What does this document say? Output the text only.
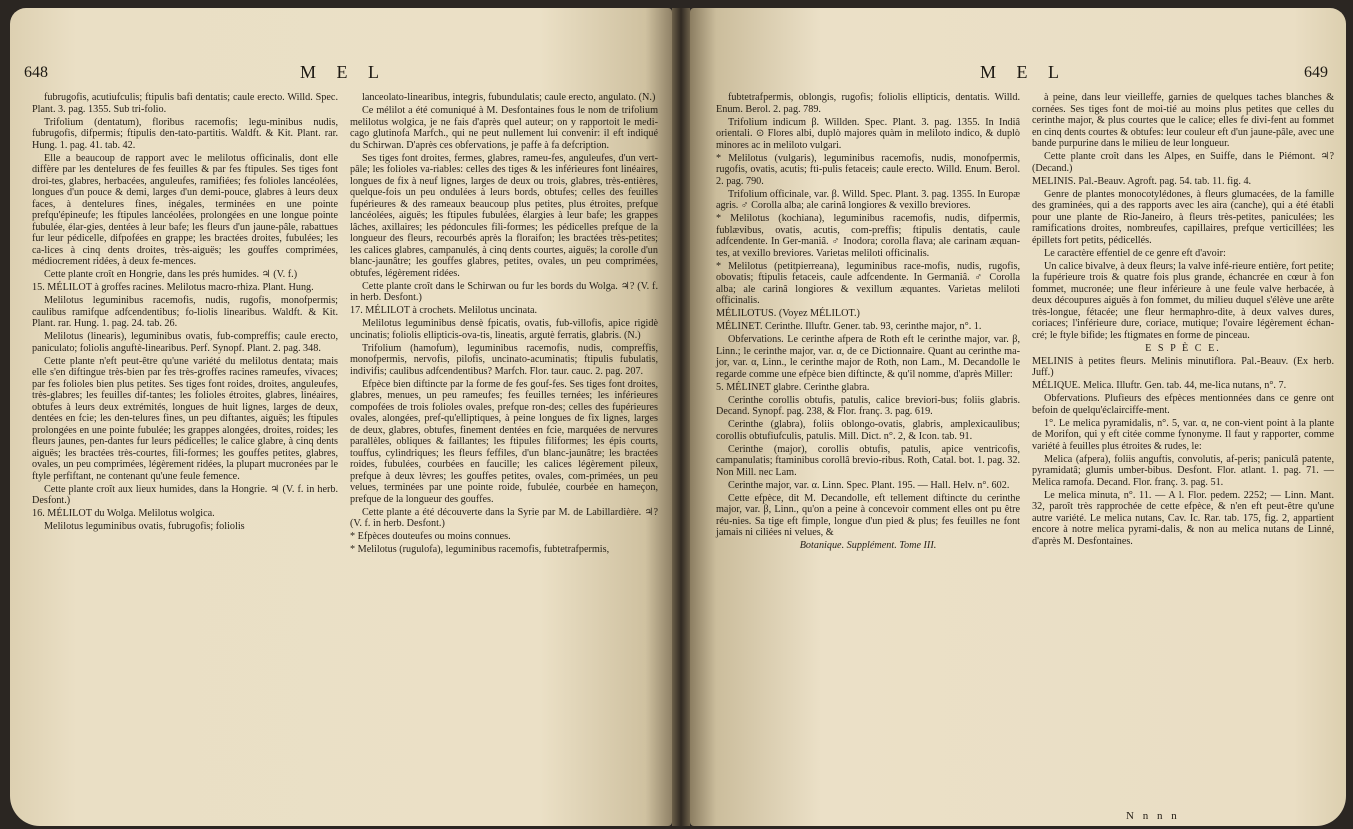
648	M E L

fubrugofis, acutiufculis; ftipulis bafi dentatis; caule erecto. Willd. Spec. Plant. 3. pag. 1355. Sub tri-folio.

Trifolium (dentatum), floribus racemofis; legu-minibus nudis, fubrugofis, difpermis; ftipulis den-tato-partitis. Waldft. & Kit. Plant. rar. Hung. 1. pag. 41. tab. 42.

Elle a beaucoup de rapport avec le melilotus officinalis, dont elle diffère par les dentelures de fes feuilles & par fes ftipules. Ses tiges font droi-tes, glabres, herbacées, anguleufes, ramifiées; fes folioles lancéolées, longues d'un pouce & demi, larges d'un demi-pouce, glabres à leurs deux faces, à dentelures fines, inégales, terminées en une pointe prefqu'épineufe; les ftipules lancéolées, prolongées en une longue pointe fubulée, élar-gies, dentées à leur bafe; les fleurs d'un jaune-pâle, rabattues fur leur pédicelle, difpofées en grappe; les bractées droites, fubulées; les ca-lices à cinq dents droites, très-aiguës; les gouffes comprimées, médiocrement ridées, à deux fe-mences.

Cette plante croît en Hongrie, dans les prés humides. ♃ (V. f.)

15. MÉLILOT à groffes racines. Melilotus macro-rhiza. Plant. Hung.

Melilotus leguminibus racemofis, nudis, rugofis, monofpermis; caulibus ramifque adfcendentibus; fo-liolis linearibus. Waldft. & Kit. Plant. rar. Hung. 1. pag. 24. tab. 26.

Melilotus (linearis), leguminibus ovatis, fub-compreffis; caule erecto, paniculato; foliolis anguftè-linearibus. Perf. Synopf. Plant. 2. pag. 348.

Cette plante n'eft peut-être qu'une variété du melilotus dentata; mais elle s'en diftingue très-bien par fes très-groffes racines rameufes, vivaces; par fes folioles bien plus petites. Ses tiges font roides, droites, anguleufes, très-glabres; les feuilles dif-tantes; les folioles étroites, glabres, linéaires, obtufes à leurs deux extrémités, longues de huit lignes, larges de deux, dentées en fcie; les den-telures fines, un peu diftantes, aiguës; les ftipules prolongées en une pointe fubulée; les grappes alongées, droites, roides; les fleurs jaunes, pen-dantes fur leurs pédicelles; le calice glabre, à cinq dents aiguës; les bractées très-courtes, fili-formes; les gouffes petites, glabres, ovales, un peu comprimées, légèrement ridées, la plupart mucronées par le ftyle perfiftant, ne contenant qu'une feule femence.

Cette plante croît aux lieux humides, dans la Hongrie. ♃ (V. f. in herb. Desfont.)

16. MÉLILOT du Wolga. Melilotus wolgica.

Melilotus leguminibus ovatis, fubrugofis; foliolis

lanceolato-linearibus, integris, fubundulatis; caule erecto, angulato. (N.)

Ce mélilot a été comuniqué à M. Desfontaines fous le nom de trifolium melilotus wolgica, je ne fais d'après quel auteur; on y rapportoit le medi-cago glutinofa Marfch., qui ne peut nullement lui convenir: il eft indiqué du Schirwan. D'après ces obfervations, je paffe à fa defcription.

Ses tiges font droites, fermes, glabres, rameu-fes, anguleufes, d'un vert-pâle; les folioles va-riables: celles des tiges & les inférieures font linéaires, longues de fix à neuf lignes, larges de deux ou trois, glabres, très-entières, quelque-fois un peu ondulées à leurs bords, obtufes; celles des feuilles fupérieures & des rameaux beaucoup plus petites, plus étroites, prefque lancéolées, aiguës; les ftipules fubulées, élargies à leur bafe; les grappes lâches, axillaires; les pédoncules fili-formes; les pédicelles prefque de la longueur des fleurs, recourbés après la floraifon; les bractées très-petites; les calices glabres, campanulés, à cinq dents courtes, aiguës; la corolle d'un blanc-jaunâtre; les gouffes glabres, petites, ovales, un peu comprimées, obtufes, légèrement ridées.

Cette plante croît dans le Schirwan ou fur les bords du Wolga. ♃? (V. f. in herb. Desfont.)

17. MÉLILOT à crochets. Melilotus uncinata.

Melilotus leguminibus densè fpicatis, ovatis, fub-villofis, apice rigidè uncinatis; foliolis ellipticis-ova-tis, lineatis, argutè ferratis, glabris. (N.)

Trifolium (hamofum), leguminibus racemofis, nudis, compreffis, monofpermis, nervofis, pilofis, uncinato-acuminatis; ftipulis fubulatis, indivifis; caulibus adfcendentibus? Marfch. Flor. taur. cauc. 2. pag. 207.

Efpèce bien diftincte par la forme de fes gouf-fes. Ses tiges font droites, glabres, menues, un peu rameufes; fes feuilles ternées; les inférieures compofées de trois folioles ovales, prefque ron-des; celles des fupérieures ovales, alongées, pref-qu'elliptiques, à peine longues de fix lignes, larges de deux, glabres, obtufes, finement dentées en fcie, marquées de nervures parallèles, obliques & faillantes; les ftipules filiformes; les épis courts, touffus, cylindriques; les fleurs feffiles, d'un blanc-jaunâtre; les bractées roides, fubulées, courbées en faucille; les calices légèrement pileux, prefque à deux lèvres; les gouffes petites, ovales, com-primées, un peu velues, terminées par une pointe roide, fubulée, courbée en hameçon, prefque de la longueur des gouffes.

Cette plante a été découverte dans la Syrie par M. de Labillardière. ♃? (V. f. in herb. Desfont.)

* Efpèces douteufes ou moins connues.

* Melilotus (rugulofa), leguminibus racemofis, fubtetrafpermis,

M E L	649

fubtetrafpermis, oblongis, rugofis; foliolis ellipticis, dentatis. Willd. Enum. Berol. 2. pag. 789.

Trifolium indicum β. Willden. Spec. Plant. 3. pag. 1355. In Indiâ orientali. ⊙ Flores albi, duplò majores quàm in meliloto indico, & duplò minores ac in meliloto vulgari.

* Melilotus (vulgaris), leguminibus racemofis, nudis, monofpermis, rugofis, ovatis, acutis; fti-pulis fetaceis; caule erecto. Willd. Enum. Berol. 2. pag. 790.

Trifolium officinale, var. β. Willd. Spec. Plant. 3. pag. 1355. In Europæ agris. ♂ Corolla alba; ale carinâ longiores & vexillo breviores.

* Melilotus (kochiana), leguminibus racemofis, nudis, difpermis, fublævibus, ovatis, acutis, com-preffis; ftipulis dentatis, caule adfcendente. In Ger-maniâ. ♂ Inodora; corolla flava; ale carinam æquan-tes, at vexillo breviores. Varietas meliloti officinalis.

* Melilotus (petitpierreana), leguminibus race-mofis, nudis, rugofis, obovatis; ftipulis fetaceis, caule adfcendente. In Germaniâ. ♂ Corolla alba; ale carinâ longiores & vexillum æquantes. Varietas meliloti officinalis.

MÉLILOTUS. (Voyez MÉLILOT.)

MÉLINET. Cerinthe. Illuftr. Gener. tab. 93, cerinthe major, n°. 1.

Obfervations. Le cerinthe afpera de Roth eft le cerinthe major, var. β, Linn.; le cerinthe major, var. α, de ce Dictionnaire. Quant au cerinthe ma-jor, var. α, Linn., le cerinthe major de Roth, non Lam., M. Decandolle le regarde comme une efpèce bien diftincte, & qu'il nomme, d'après Miller:

5. MÉLINET glabre. Cerinthe glabra.

Cerinthe corollis obtufis, patulis, calice breviori-bus; foliis glabris. Decand. Synopf. pag. 238, & Flor. franç. 3. pag. 619.

Cerinthe (glabra), foliis oblongo-ovatis, glabris, amplexicaulibus; corollis obtufiufculis, patulis. Mill. Dict. n°. 2, & Icon. tab. 91.

Cerinthe (major), corollis obtufis, patulis, apice ventricofis, campanulatis; ftaminibus corollâ brevio-ribus. Roth, Catal. bot. 1. pag. 32. Non Mill. nec Lam.

Cerinthe major, var. α. Linn. Spec. Plant. 195. — Hall. Helv. n°. 602.

Cette efpèce, dit M. Decandolle, eft tellement diftincte du cerinthe major, var. β, Linn., qu'on a peine à concevoir comment elles ont pu être réu-nies. Sa tige eft fimple, longue d'un pied & plus; fes feuilles ne font jamais ni ciliées ni velues, &

Botanique. Supplément. Tome III.

à peine, dans leur vieilleffe, garnies de quelques taches blanches & cornées. Ses tiges font de moi-tié au moins plus petites que celles du cerinthe major, & plus courtes que le calice; elles fe divi-fent au fommet en cinq dents courtes & obtufes: leur couleur eft d'un jaune-pâle, avec une bande purpurine dans le milieu de leur longueur.

Cette plante croît dans les Alpes, en Suiffe, dans le Piémont. ♃? (Decand.)

MELINIS. Pal.-Beauv. Agroft. pag. 54. tab. 11. fig. 4.

Genre de plantes monocotylédones, à fleurs glumacées, de la famille des graminées, qui a des rapports avec les aira (canche), qui a été établi pour une plante de Rio-Janeiro, à fleurs très-petites, paniculées; les ramifications droites, nombreufes, capillaires, prefque verticillées; les épillets fort petits, pédicellés.

Le caractère effentiel de ce genre eft d'avoir:

Un calice bivalve, à deux fleurs; la valve infé-rieure entière, fort petite; la fupérieure trois & quatre fois plus grande, échancrée en cœur à fon fommet, mucronée; une fleur inférieure à une feule valve herbacée, à deux découpures aiguës à fon fommet, du milieu duquel s'élève une arête très-longue, fétacée; une fleur hermaphro-dite, à deux valves dures, coriaces; l'inférieure dure, coriace, mutique; l'ovaire légèrement échan-cré; le ftyle bifide; les ftigmates en forme de pinceau.

E S P È C E.

MELINIS à petites fleurs. Melinis minutiflora. Pal.-Beauv. (Ex herb. Juff.)

MÉLIQUE. Melica. Illuftr. Gen. tab. 44, me-lica nutans, n°. 7.

Obfervations. Plufieurs des efpèces mentionnées dans ce genre ont befoin de quelqu'éclairciffe-ment.

1°. Le melica pyramidalis, n°. 5, var. α, ne con-vient point à la plante de Morifon, qui y eft citée comme fynonyme. Il faut y rapporter, comme variété à feuilles plus étroites & rudes, le:

Melica (afpera), foliis anguftis, convolutis, af-peris; paniculâ patente, pyramidatâ; glumis umber-bibus. Desfont. Flor. atlant. 1. pag. 71. — Melica ramofa. Decand. Flor. franç. 3. pag. 51.

Le melica minuta, n°. 11. — A l. Flor. pedem. 2252; — Linn. Mant. 32, paroît très rapprochée de cette efpèce, & n'en eft peut-être qu'une autre variété. Le melica nutans, Cav. Ic. Rar. tab. 175, fig. 2, appartient encore à notre melica pyrami-dalis, & non au melica nutans de Linné, d'après M. Desfontaines.

N n n n
